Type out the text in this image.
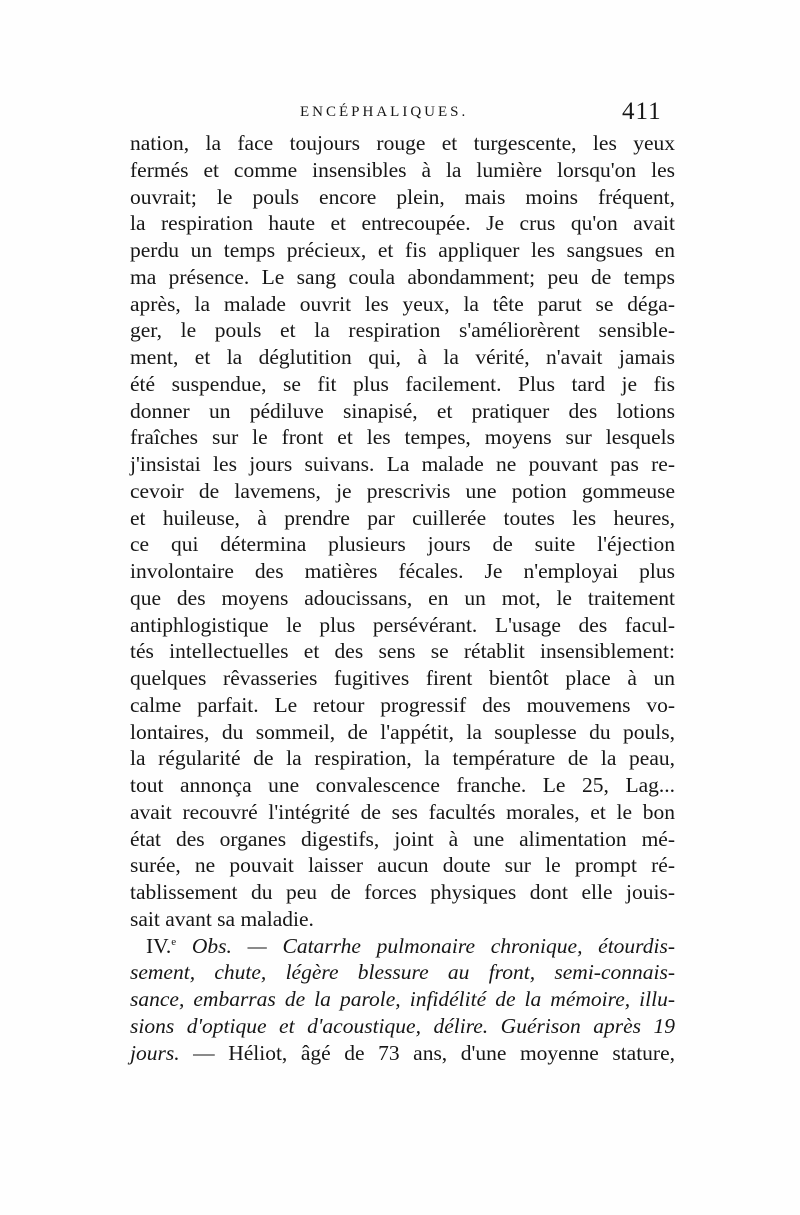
ENCÉPHALIQUES.	411
nation, la face toujours rouge et turgescente, les yeux
fermés et comme insensibles à la lumière lorsqu'on les
ouvrait; le pouls encore plein, mais moins fréquent,
la respiration haute et entrecoupée. Je crus qu'on avait
perdu un temps précieux, et fis appliquer les sangsues en
ma présence. Le sang coula abondamment; peu de temps
après, la malade ouvrit les yeux, la tête parut se déga-
ger, le pouls et la respiration s'améliorèrent sensible-
ment, et la déglutition qui, à la vérité, n'avait jamais
été suspendue, se fit plus facilement. Plus tard je fis
donner un pédiluve sinapisé, et pratiquer des lotions
fraîches sur le front et les tempes, moyens sur lesquels
j'insistai les jours suivans. La malade ne pouvant pas re-
cevoir de lavemens, je prescrivis une potion gommeuse
et huileuse, à prendre par cuillerée toutes les heures,
ce qui détermina plusieurs jours de suite l'éjection
involontaire des matières fécales. Je n'employai plus
que des moyens adoucissans, en un mot, le traitement
antiphlogistique le plus persévérant. L'usage des facul-
tés intellectuelles et des sens se rétablit insensiblement:
quelques rêvasseries fugitives firent bientôt place à un
calme parfait. Le retour progressif des mouvemens vo-
lontaires, du sommeil, de l'appétit, la souplesse du pouls,
la régularité de la respiration, la température de la peau,
tout annonça une convalescence franche. Le 25, Lag...
avait recouvré l'intégrité de ses facultés morales, et le bon
état des organes digestifs, joint à une alimentation mé-
surée, ne pouvait laisser aucun doute sur le prompt ré-
tablissement du peu de forces physiques dont elle jouis-
sait avant sa maladie.
IV.$^e$ Obs. — Catarrhe pulmonaire chronique, étourdis-
sement, chute, légère blessure au front, semi-connais-
sance, embarras de la parole, infidélité de la mémoire, illu-
sions d'optique et d'acoustique, délire. Guérison après 19
jours. — Héliot, âgé de 73 ans, d'une moyenne stature,
